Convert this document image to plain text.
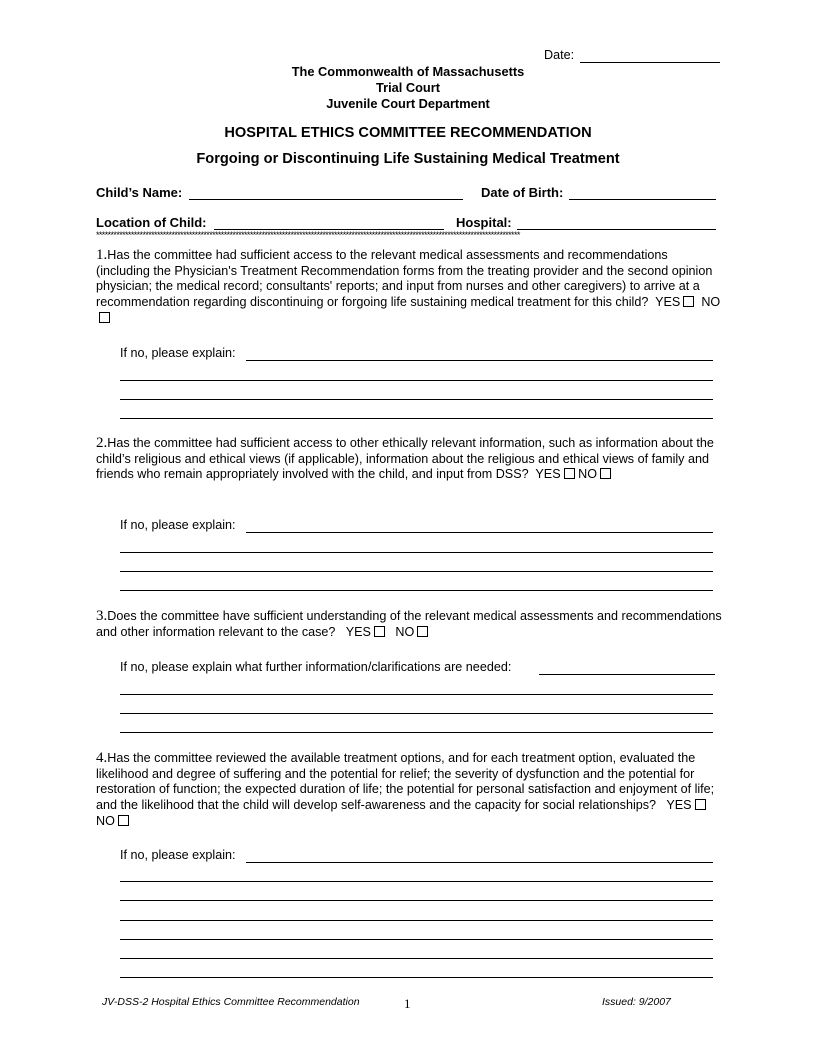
Date:
The Commonwealth of Massachusetts
Trial Court
Juvenile Court Department
HOSPITAL ETHICS COMMITTEE RECOMMENDATION
Forgoing or Discontinuing Life Sustaining Medical Treatment
Child’s Name:	Date of Birth:
Location of Child:	Hospital:
**************************************************************************************************************************************************
1.Has the committee had sufficient access to the relevant medical assessments and recommendations (including the Physician's Treatment Recommendation forms from the treating provider and the second opinion physician; the medical record; consultants' reports; and input from nurses and other caregivers) to arrive at a recommendation regarding discontinuing or forgoing life sustaining medical treatment for this child? YES NO
If no, please explain:
2.Has the committee had sufficient access to other ethically relevant information, such as information about the child’s religious and ethical views (if applicable), information about the religious and ethical views of family and friends who remain appropriately involved with the child, and input from DSS? YES NO
If no, please explain:
3.Does the committee have sufficient understanding of the relevant medical assessments and recommendations and other information relevant to the case? YES NO
If no, please explain what further information/clarifications are needed:
4.Has the committee reviewed the available treatment options, and for each treatment option, evaluated the likelihood and degree of suffering and the potential for relief; the severity of dysfunction and the potential for restoration of function; the expected duration of life; the potential for personal satisfaction and enjoyment of life; and the likelihood that the child will develop self-awareness and the capacity for social relationships? YES   NO
If no, please explain:
JV-DSS-2 Hospital Ethics Committee Recommendation	1	Issued: 9/2007
